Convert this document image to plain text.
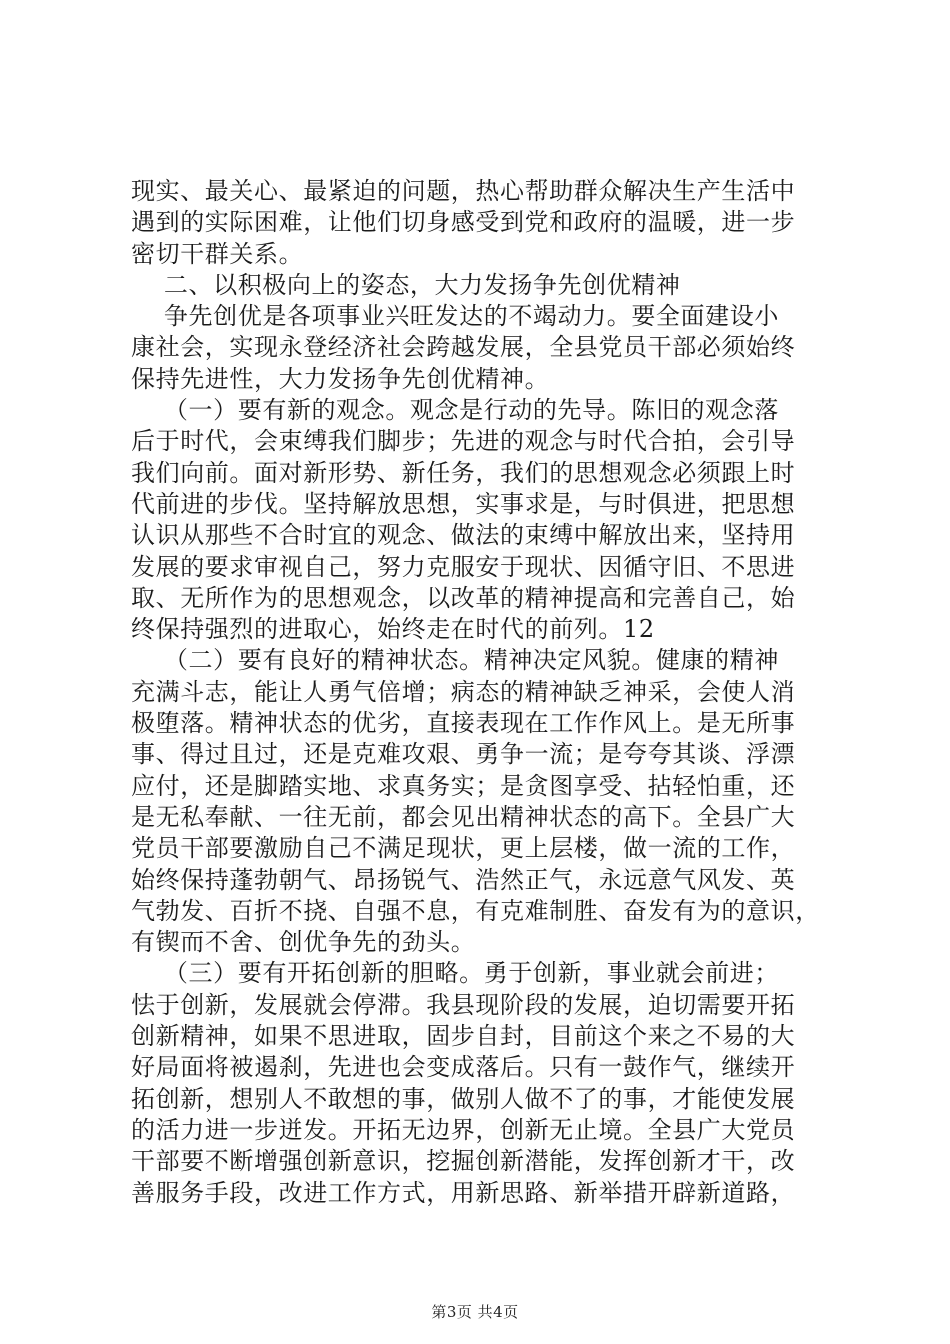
现实、最关心、最紧迫的问题，热心帮助群众解决生产生活中
遇到的实际困难，让他们切身感受到党和政府的温暖，进一步
密切干群关系。
二、以积极向上的姿态，大力发扬争先创优精神
争先创优是各项事业兴旺发达的不竭动力。要全面建设小
康社会，实现永登经济社会跨越发展，全县党员干部必须始终
保持先进性，大力发扬争先创优精神。
（一）要有新的观念。观念是行动的先导。陈旧的观念落
后于时代，会束缚我们脚步；先进的观念与时代合拍，会引导
我们向前。面对新形势、新任务，我们的思想观念必须跟上时
代前进的步伐。坚持解放思想，实事求是，与时俱进，把思想
认识从那些不合时宜的观念、做法的束缚中解放出来，坚持用
发展的要求审视自己，努力克服安于现状、因循守旧、不思进
取、无所作为的思想观念，以改革的精神提高和完善自己，始
终保持强烈的进取心，始终走在时代的前列。12
（二）要有良好的精神状态。精神决定风貌。健康的精神
充满斗志，能让人勇气倍增；病态的精神缺乏神采，会使人消
极堕落。精神状态的优劣，直接表现在工作作风上。是无所事
事、得过且过，还是克难攻艰、勇争一流；是夸夸其谈、浮漂
应付，还是脚踏实地、求真务实；是贪图享受、拈轻怕重，还
是无私奉献、一往无前，都会见出精神状态的高下。全县广大
党员干部要激励自己不满足现状，更上层楼，做一流的工作，
始终保持蓬勃朝气、昂扬锐气、浩然正气，永远意气风发、英
气勃发、百折不挠、自强不息，有克难制胜、奋发有为的意识，
有锲而不舍、创优争先的劲头。
（三）要有开拓创新的胆略。勇于创新，事业就会前进；
怯于创新，发展就会停滞。我县现阶段的发展，迫切需要开拓
创新精神，如果不思进取，固步自封，目前这个来之不易的大
好局面将被遏刹，先进也会变成落后。只有一鼓作气，继续开
拓创新，想别人不敢想的事，做别人做不了的事，才能使发展
的活力进一步迸发。开拓无边界，创新无止境。全县广大党员
干部要不断增强创新意识，挖掘创新潜能，发挥创新才干，改
善服务手段，改进工作方式，用新思路、新举措开辟新道路，
第3页 共4页
